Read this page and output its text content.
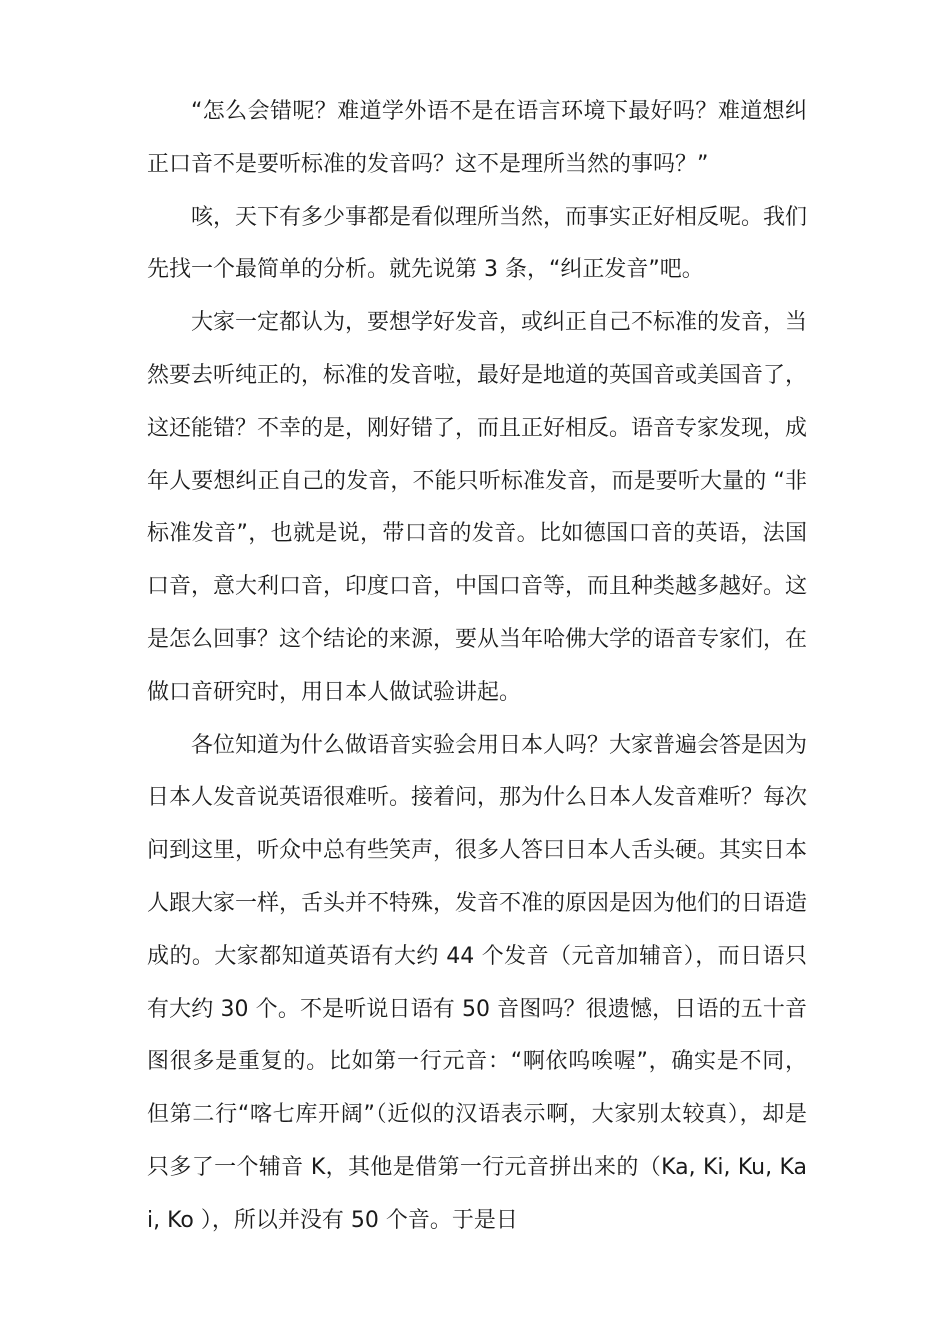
“怎么会错呢？难道学外语不是在语言环境下最好吗？难道想纠正口音不是要听标准的发音吗？这不是理所当然的事吗？”

咳，天下有多少事都是看似理所当然，而事实正好相反呢。我们先找一个最简单的分析。就先说第 3 条，“纠正发音”吧。

大家一定都认为，要想学好发音，或纠正自己不标准的发音，当然要去听纯正的，标准的发音啦，最好是地道的英国音或美国音了，这还能错？不幸的是，刚好错了，而且正好相反。语音专家发现，成年人要想纠正自己的发音，不能只听标准发音，而是要听大量的 “非标准发音”，也就是说，带口音的发音。比如德国口音的英语，法国口音，意大利口音，印度口音，中国口音等，而且种类越多越好。这是怎么回事？这个结论的来源，要从当年哈佛大学的语音专家们，在做口音研究时，用日本人做试验讲起。

各位知道为什么做语音实验会用日本人吗？大家普遍会答是因为日本人发音说英语很难听。接着问，那为什么日本人发音难听？每次问到这里，听众中总有些笑声，很多人答曰日本人舌头硬。其实日本人跟大家一样，舌头并不特殊，发音不准的原因是因为他们的日语造成的。大家都知道英语有大约 44 个发音（元音加辅音），而日语只有大约 30 个。不是听说日语有 50 音图吗？很遗憾，日语的五十音图很多是重复的。比如第一行元音：“啊依呜唉喔”，确实是不同，但第二行“喀七库开阔”（近似的汉语表示啊，大家别太较真），却是只多了一个辅音 K，其他是借第一行元音拼出来的（Ka, Ki, Ku, Kai, Ko ），所以并没有 50 个音。于是日
